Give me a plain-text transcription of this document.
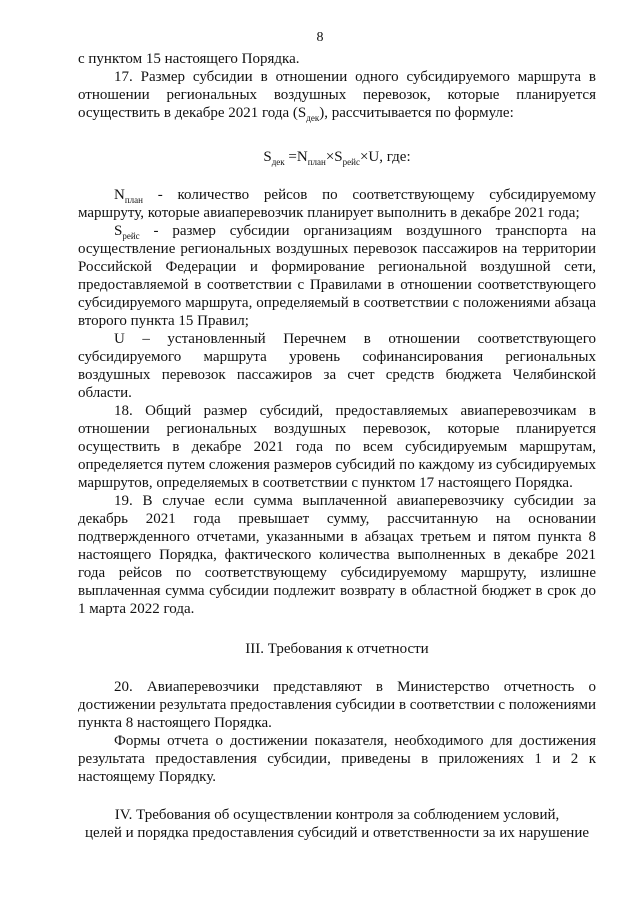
8

с пунктом 15 настоящего Порядка.

17. Размер субсидии в отношении одного субсидируемого маршрута в отношении региональных воздушных перевозок, которые планируется осуществить в декабре 2021 года $(S_{дек})$, рассчитывается по формуле:

$S_{дек} =N_{план}\times S_{рейс}\times U$, где:

$N_{план}$ - количество рейсов по соответствующему субсидируемому маршруту, которые авиаперевозчик планирует выполнить в декабре 2021 года;

$S_{рейс}$ - размер субсидии организациям воздушного транспорта на осуществление региональных воздушных перевозок пассажиров на территории Российской Федерации и формирование региональной воздушной сети, предоставляемой в соответствии с Правилами в отношении соответствующего субсидируемого маршрута, определяемый в соответствии с положениями абзаца второго пункта 15 Правил;

U – установленный Перечнем в отношении соответствующего субсидируемого маршрута уровень софинансирования региональных воздушных перевозок пассажиров за счет средств бюджета Челябинской области.

18. Общий размер субсидий, предоставляемых авиаперевозчикам в отношении региональных воздушных перевозок, которые планируется осуществить в декабре 2021 года по всем субсидируемым маршрутам, определяется путем сложения размеров субсидий по каждому из субсидируемых маршрутов, определяемых в соответствии с пунктом 17 настоящего Порядка.

19. В случае если сумма выплаченной авиаперевозчику субсидии за декабрь 2021 года превышает сумму, рассчитанную на основании подтвержденного отчетами, указанными в абзацах третьем и пятом пункта 8 настоящего Порядка, фактического количества выполненных в декабре 2021 года рейсов по соответствующему субсидируемому маршруту, излишне выплаченная сумма субсидии подлежит возврату в областной бюджет в срок до 1 марта 2022 года.

III. Требования к отчетности

20. Авиаперевозчики представляют в Министерство отчетность о достижении результата предоставления субсидии в соответствии с положениями пункта 8 настоящего Порядка.

Формы отчета о достижении показателя, необходимого для достижения результата предоставления субсидии, приведены в приложениях 1 и 2 к настоящему Порядку.

IV. Требования об осуществлении контроля за соблюдением условий,

целей и порядка предоставления субсидий и ответственности за их нарушение
